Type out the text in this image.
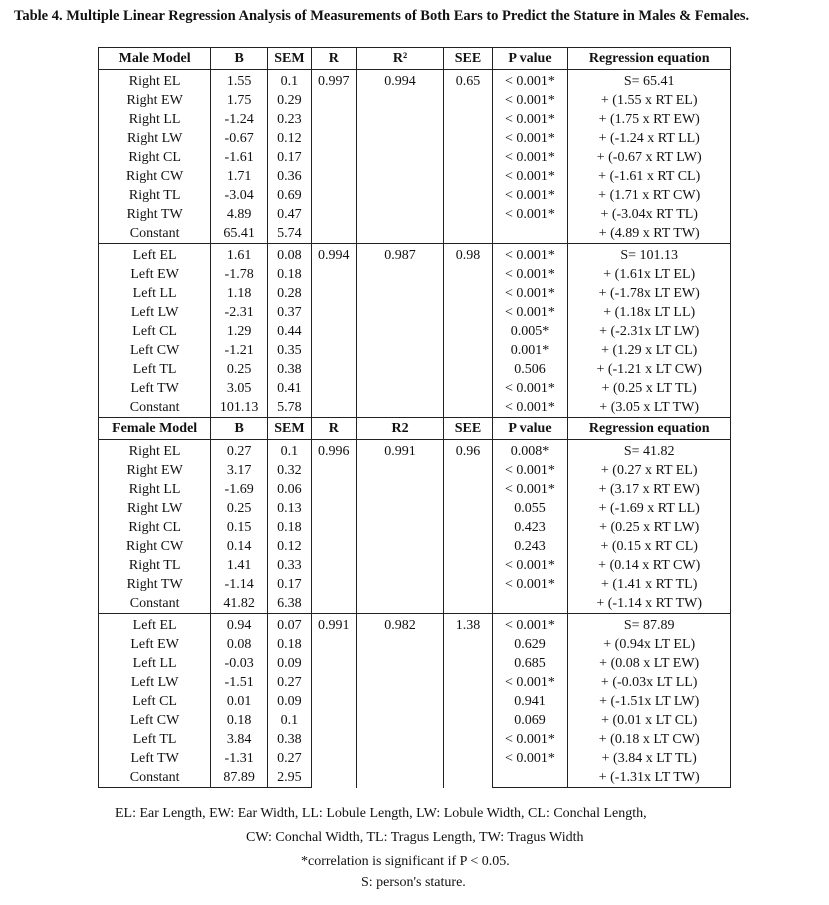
Table 4. Multiple Linear Regression Analysis of Measurements of Both Ears to Predict the Stature in Males & Females.
Male Model	B	SEM	R	R²	SEE	P value	Regression equation
Right EL	1.55	0.1	0.997	0.994	0.65	< 0.001*	S= 65.41
Right EW	1.75	0.29				< 0.001*	+ (1.55 x RT EL)
Right LL	-1.24	0.23				< 0.001*	+ (1.75 x RT EW)
Right LW	-0.67	0.12				< 0.001*	+ (-1.24 x RT LL)
Right CL	-1.61	0.17				< 0.001*	+ (-0.67 x RT LW)
Right CW	1.71	0.36				< 0.001*	+ (-1.61 x RT CL)
Right TL	-3.04	0.69				< 0.001*	+ (1.71 x RT CW)
Right TW	4.89	0.47				< 0.001*	+ (-3.04x RT TL)
Constant	65.41	5.74					+ (4.89 x RT TW)
Left EL	1.61	0.08	0.994	0.987	0.98	< 0.001*	S= 101.13
Left EW	-1.78	0.18				< 0.001*	+ (1.61x LT EL)
Left LL	1.18	0.28				< 0.001*	+ (-1.78x LT EW)
Left LW	-2.31	0.37				< 0.001*	+ (1.18x LT LL)
Left CL	1.29	0.44				0.005*	+ (-2.31x LT LW)
Left CW	-1.21	0.35				0.001*	+ (1.29 x LT CL)
Left TL	0.25	0.38				0.506	+ (-1.21 x LT CW)
Left TW	3.05	0.41				< 0.001*	+ (0.25 x LT TL)
Constant	101.13	5.78				< 0.001*	+ (3.05 x LT TW)
Female Model	B	SEM	R	R2	SEE	P value	Regression equation
Right EL	0.27	0.1	0.996	0.991	0.96	0.008*	S= 41.82
Right EW	3.17	0.32				< 0.001*	+ (0.27 x RT EL)
Right LL	-1.69	0.06				< 0.001*	+ (3.17 x RT EW)
Right LW	0.25	0.13				0.055	+ (-1.69 x RT LL)
Right CL	0.15	0.18				0.423	+ (0.25 x RT LW)
Right CW	0.14	0.12				0.243	+ (0.15 x RT CL)
Right TL	1.41	0.33				< 0.001*	+ (0.14 x RT CW)
Right TW	-1.14	0.17				< 0.001*	+ (1.41 x RT TL)
Constant	41.82	6.38					+ (-1.14 x RT TW)
Left EL	0.94	0.07	0.991	0.982	1.38	< 0.001*	S= 87.89
Left EW	0.08	0.18				0.629	+ (0.94x LT EL)
Left LL	-0.03	0.09				0.685	+ (0.08 x LT EW)
Left LW	-1.51	0.27				< 0.001*	+ (-0.03x LT LL)
Left CL	0.01	0.09				0.941	+ (-1.51x LT LW)
Left CW	0.18	0.1				0.069	+ (0.01 x LT CL)
Left TL	3.84	0.38				< 0.001*	+ (0.18 x LT CW)
Left TW	-1.31	0.27				< 0.001*	+ (3.84 x LT TL)
Constant	87.89	2.95					+ (-1.31x LT TW)
EL: Ear Length, EW: Ear Width, LL: Lobule Length, LW: Lobule Width, CL: Conchal Length,
CW: Conchal Width, TL: Tragus Length, TW: Tragus Width
*correlation is significant if P < 0.05.
S: person's stature.
